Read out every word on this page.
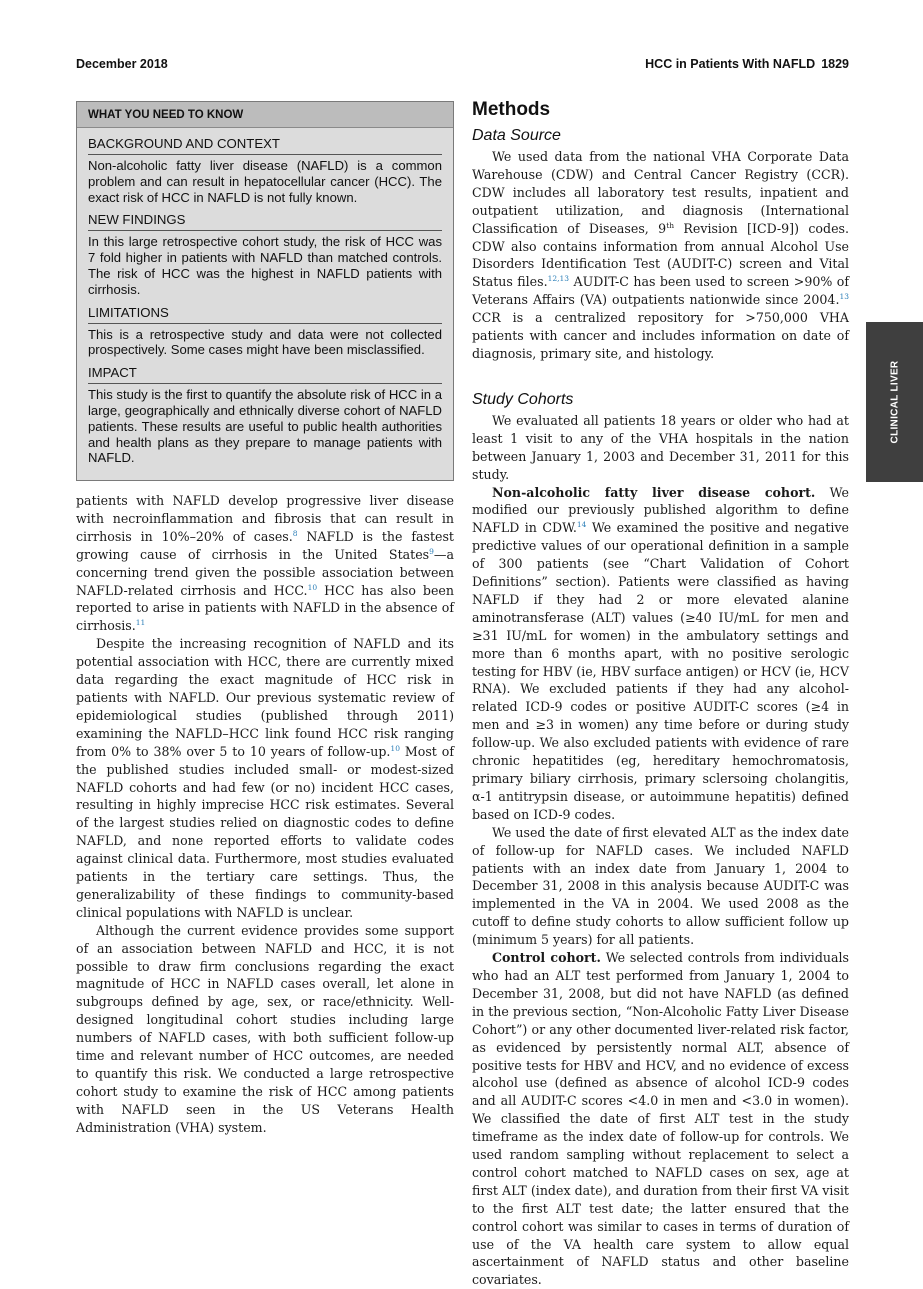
December 2018	HCC in Patients With NAFLD 1829
CLINICAL LIVER
WHAT YOU NEED TO KNOW
BACKGROUND AND CONTEXT
Non-alcoholic fatty liver disease (NAFLD) is a common problem and can result in hepatocellular cancer (HCC). The exact risk of HCC in NAFLD is not fully known.
NEW FINDINGS
In this large retrospective cohort study, the risk of HCC was 7 fold higher in patients with NAFLD than matched controls. The risk of HCC was the highest in NAFLD patients with cirrhosis.
LIMITATIONS
This is a retrospective study and data were not collected prospectively. Some cases might have been misclassified.
IMPACT
This study is the first to quantify the absolute risk of HCC in a large, geographically and ethnically diverse cohort of NAFLD patients. These results are useful to public health authorities and health plans as they prepare to manage patients with NAFLD.

patients with NAFLD develop progressive liver disease with necroinflammation and fibrosis that can result in cirrhosis in 10%–20% of cases.$^8$ NAFLD is the fastest growing cause of cirrhosis in the United States$^9$—a concerning trend given the possible association between NAFLD-related cirrhosis and HCC.$^{10}$ HCC has also been reported to arise in patients with NAFLD in the absence of cirrhosis.$^{11}$

Despite the increasing recognition of NAFLD and its potential association with HCC, there are currently mixed data regarding the exact magnitude of HCC risk in patients with NAFLD. Our previous systematic review of epidemiological studies (published through 2011) examining the NAFLD–HCC link found HCC risk ranging from 0% to 38% over 5 to 10 years of follow-up.$^{10}$ Most of the published studies included small- or modest-sized NAFLD cohorts and had few (or no) incident HCC cases, resulting in highly imprecise HCC risk estimates. Several of the largest studies relied on diagnostic codes to define NAFLD, and none reported efforts to validate codes against clinical data. Furthermore, most studies evaluated patients in the tertiary care settings. Thus, the generalizability of these findings to community-based clinical populations with NAFLD is unclear.

Although the current evidence provides some support of an association between NAFLD and HCC, it is not possible to draw firm conclusions regarding the exact magnitude of HCC in NAFLD cases overall, let alone in subgroups defined by age, sex, or race/ethnicity. Well-designed longitudinal cohort studies including large numbers of NAFLD cases, with both sufficient follow-up time and relevant number of HCC outcomes, are needed to quantify this risk. We conducted a large retrospective cohort study to examine the risk of HCC among patients with NAFLD seen in the US Veterans Health Administration (VHA) system.

Methods
Data Source

We used data from the national VHA Corporate Data Warehouse (CDW) and Central Cancer Registry (CCR). CDW includes all laboratory test results, inpatient and outpatient utilization, and diagnosis (International Classification of Diseases, 9th Revision [ICD-9]) codes. CDW also contains information from annual Alcohol Use Disorders Identification Test (AUDIT-C) screen and Vital Status files.$^{12,13}$ AUDIT-C has been used to screen >90% of Veterans Affairs (VA) outpatients nationwide since 2004.13 CCR is a centralized repository for >750,000 VHA patients with cancer and includes information on date of diagnosis, primary site, and histology.

Study Cohorts

We evaluated all patients 18 years or older who had at least 1 visit to any of the VHA hospitals in the nation between January 1, 2003 and December 31, 2011 for this study.

Non-alcoholic fatty liver disease cohort. We modified our previously published algorithm to define NAFLD in CDW.$^{14}$ We examined the positive and negative predictive values of our operational definition in a sample of 300 patients (see “Chart Validation of Cohort Definitions” section). Patients were classified as having NAFLD if they had 2 or more elevated alanine aminotransferase (ALT) values (≥40 IU/mL for men and ≥31 IU/mL for women) in the ambulatory settings and more than 6 months apart, with no positive serologic testing for HBV (ie, HBV surface antigen) or HCV (ie, HCV RNA). We excluded patients if they had any alcohol-related ICD-9 codes or positive AUDIT-C scores (≥4 in men and ≥3 in women) any time before or during study follow-up. We also excluded patients with evidence of rare chronic hepatitides (eg, hereditary hemochromatosis, primary biliary cirrhosis, primary sclersoing cholangitis, α-1 antitrypsin disease, or autoimmune hepatitis) defined based on ICD-9 codes.

We used the date of first elevated ALT as the index date of follow-up for NAFLD cases. We included NAFLD patients with an index date from January 1, 2004 to December 31, 2008 in this analysis because AUDIT-C was implemented in the VA in 2004. We used 2008 as the cutoff to define study cohorts to allow sufficient follow up (minimum 5 years) for all patients.

Control cohort. We selected controls from individuals who had an ALT test performed from January 1, 2004 to December 31, 2008, but did not have NAFLD (as defined in the previous section, “Non-Alcoholic Fatty Liver Disease Cohort”) or any other documented liver-related risk factor, as evidenced by persistently normal ALT, absence of positive tests for HBV and HCV, and no evidence of excess alcohol use (defined as absence of alcohol ICD-9 codes and all AUDIT-C scores <4.0 in men and <3.0 in women). We classified the date of first ALT test in the study timeframe as the index date of follow-up for controls. We used random sampling without replacement to select a control cohort matched to NAFLD cases on sex, age at first ALT (index date), and duration from their first VA visit to the first ALT test date; the latter ensured that the control cohort was similar to cases in terms of duration of use of the VA health care system to allow equal ascertainment of NAFLD status and other baseline covariates.
